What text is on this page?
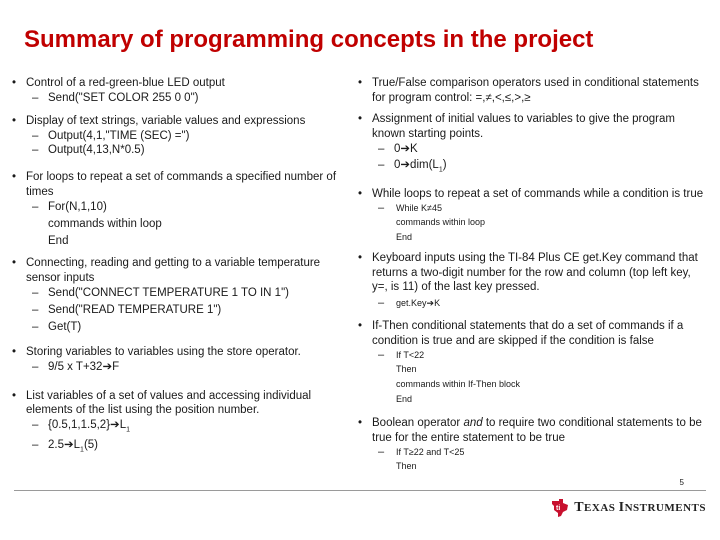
Summary of programming concepts in the project
• Control of a red-green-blue LED output
– Send("SET COLOR 255 0 0")
• Display of text strings, variable values and expressions
– Output(4,1,"TIME (SEC) =")
– Output(4,13,N*0.5)
• For loops to repeat a set of commands a specified number of times
– For(N,1,10)
commands within loop
End
• Connecting, reading and getting to a variable temperature sensor inputs
– Send("CONNECT TEMPERATURE 1 TO IN 1")
– Send("READ TEMPERATURE 1")
– Get(T)
• Storing variables to variables using the store operator.
– 9/5 x T+32➔F
• List variables of a set of values and accessing individual elements of the list using the position number.
– $\{0.5,1,1.5,2\}➔L_1$
– $2.5➔L_1(5)$
• True/False comparison operators used in conditional statements for program control: =,≠,<,≤,>,≥
• Assignment of initial values to variables to give the program known starting points.
– 0➔K
– $0➔dim(L_1)$
• While loops to repeat a set of commands while a condition is true
– While K≠45
commands within loop
End
• Keyboard inputs using the TI-84 Plus CE get.Key command that returns a two-digit number for the row and column (top left key, y=, is 11) of the last key pressed.
– get.Key➔K
• If-Then conditional statements that do a set of commands if a condition is true and are skipped if the condition is false
– If T<22
Then
commands within If-Then block
End
• Boolean operator and to require two conditional statements to be true for the entire statement to be true
– If T≥22 and T<25
Then
5
ti TEXAS INSTRUMENTS
